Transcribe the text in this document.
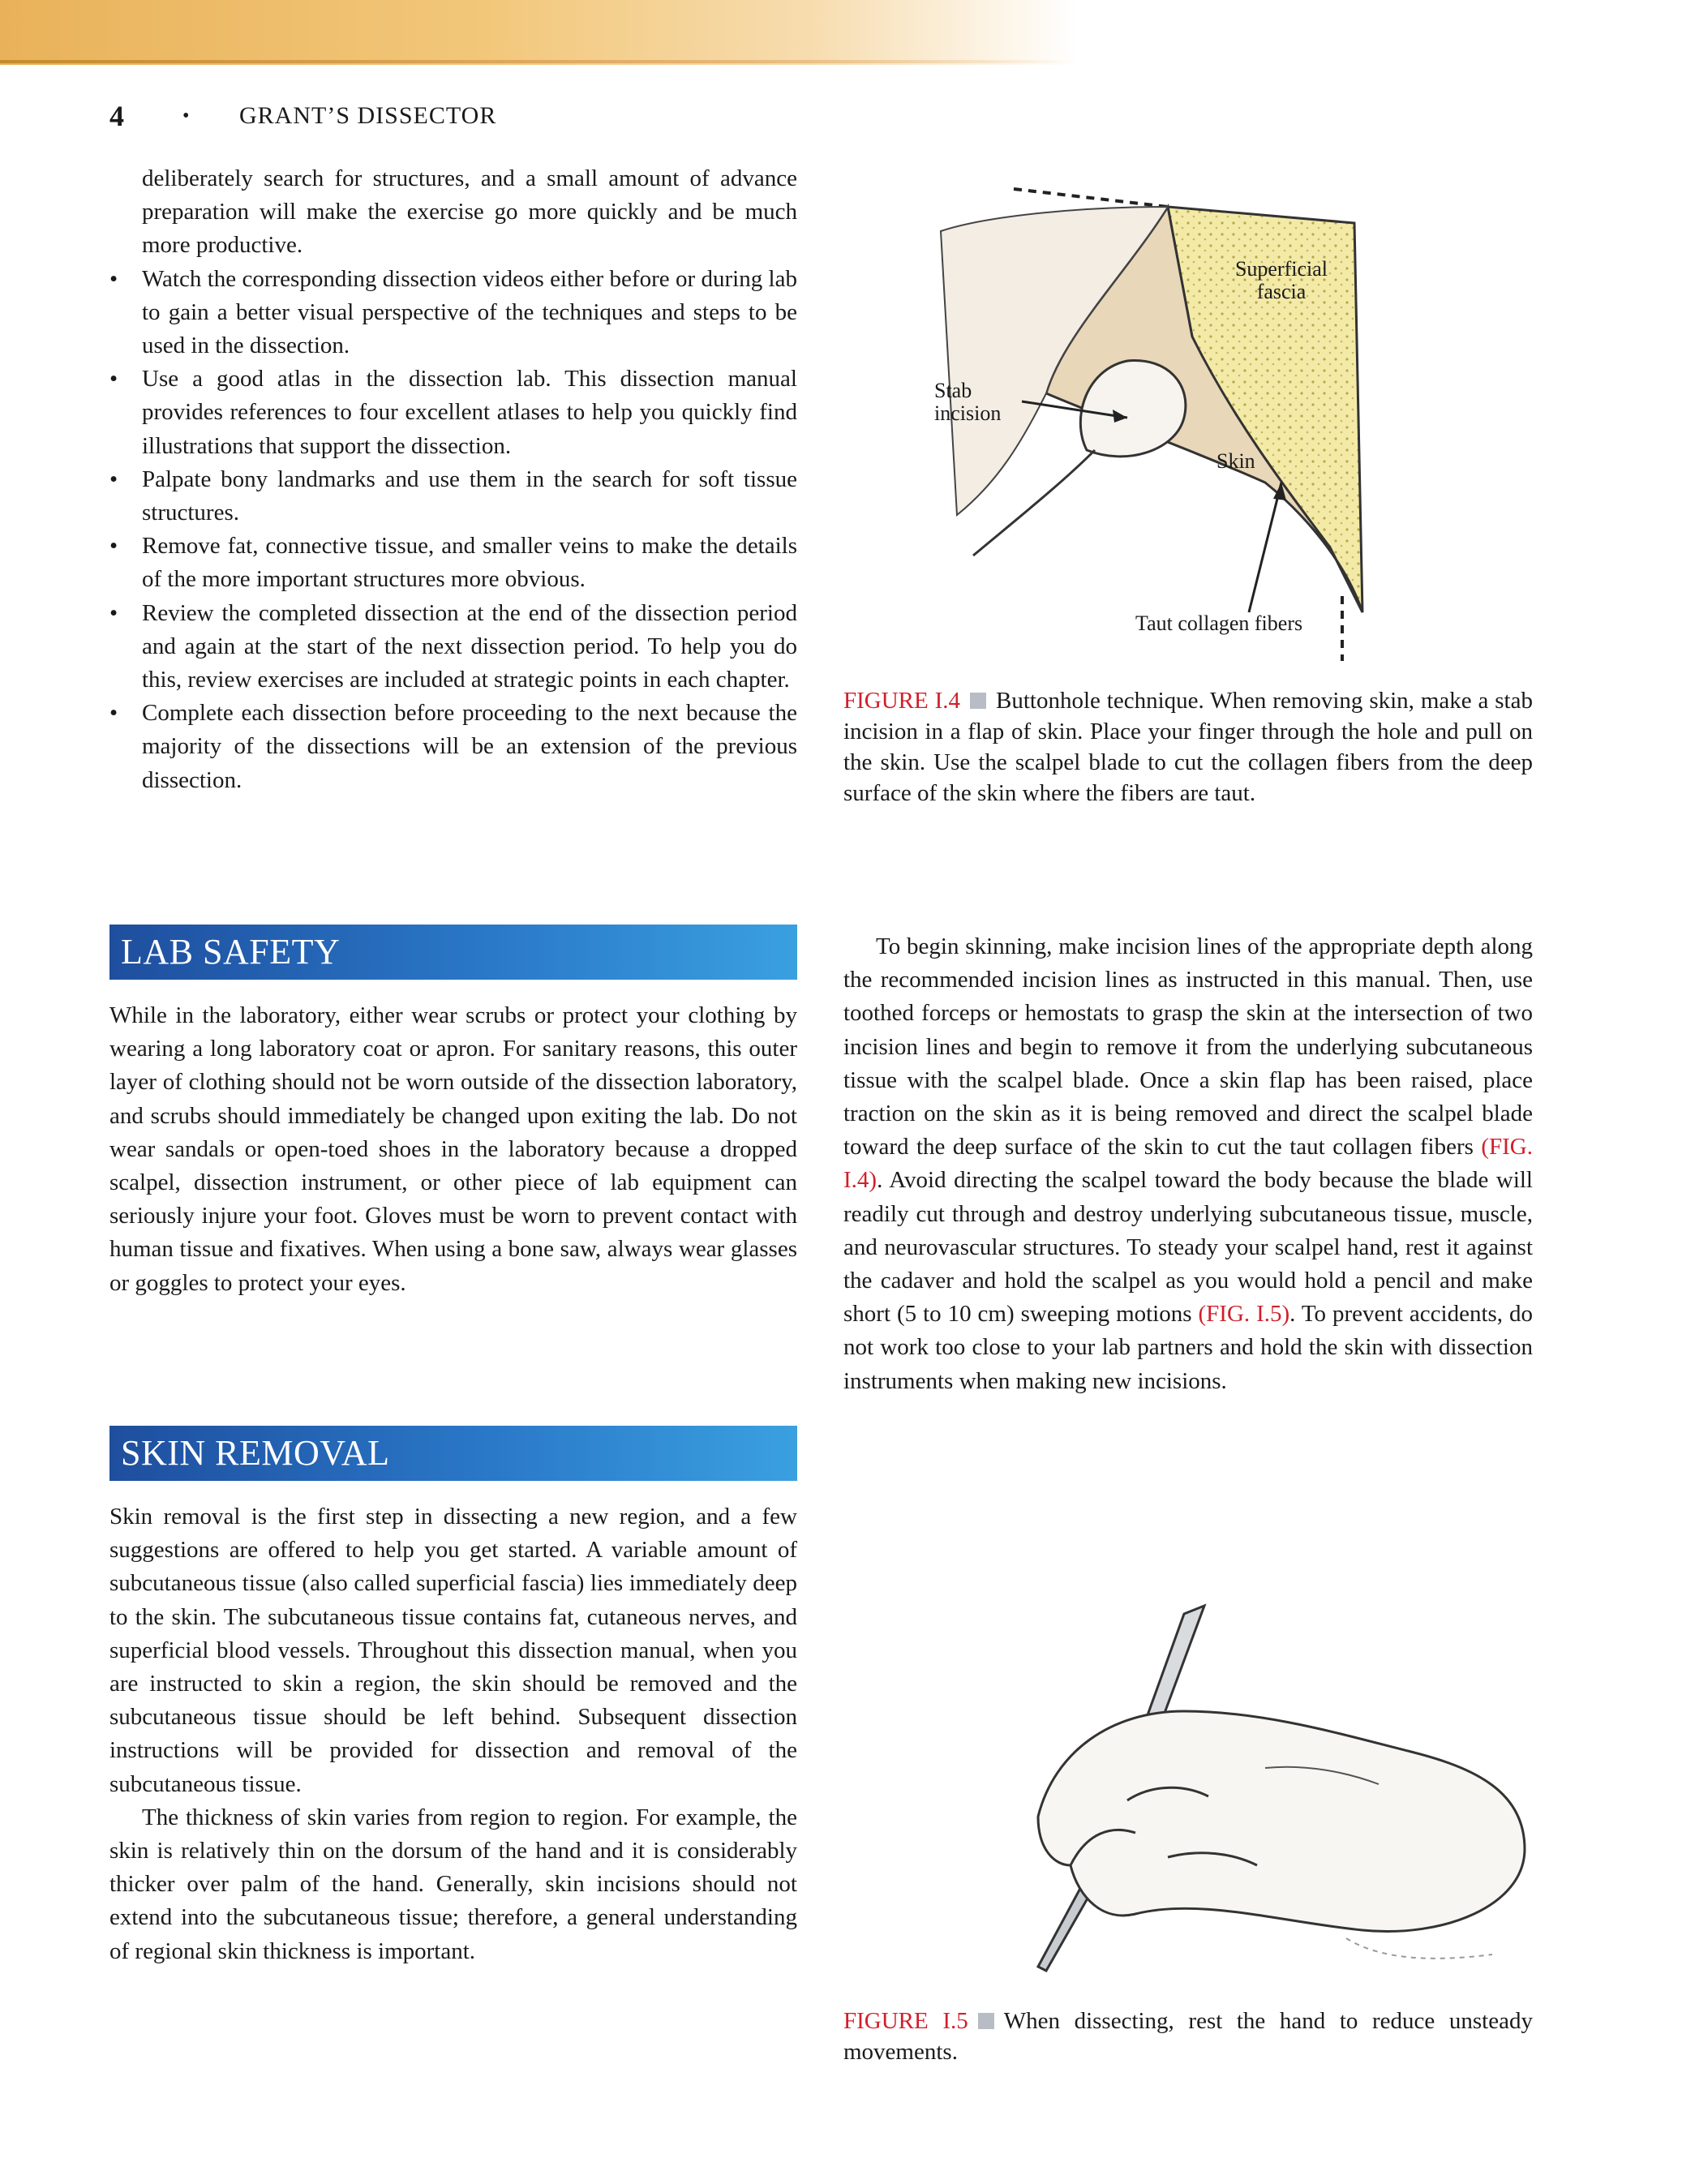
4	•	GRANT’S DISSECTOR

deliberately search for structures, and a small amount of advance preparation will make the exercise go more quickly and be much more productive.

• Watch the corresponding dissection videos either before or during lab to gain a better visual perspective of the techniques and steps to be used in the dissection.
• Use a good atlas in the dissection lab. This dissection manual provides references to four excellent atlases to help you quickly find illustrations that support the dissection.
• Palpate bony landmarks and use them in the search for soft tissue structures.
• Remove fat, connective tissue, and smaller veins to make the details of the more important structures more obvious.
• Review the completed dissection at the end of the dissection period and again at the start of the next dissection period. To help you do this, review exercises are included at strategic points in each chapter.
• Complete each dissection before proceeding to the next because the majority of the dissections will be an extension of the previous dissection.
LAB SAFETY

While in the laboratory, either wear scrubs or protect your clothing by wearing a long laboratory coat or apron. For sanitary reasons, this outer layer of clothing should not be worn outside of the dissection laboratory, and scrubs should immediately be changed upon exiting the lab. Do not wear sandals or open-toed shoes in the laboratory because a dropped scalpel, dissection instrument, or other piece of lab equipment can seriously injure your foot. Gloves must be worn to prevent contact with human tissue and fixatives. When using a bone saw, always wear glasses or goggles to protect your eyes.

SKIN REMOVAL

Skin removal is the first step in dissecting a new region, and a few suggestions are offered to help you get started. A variable amount of subcutaneous tissue (also called superficial fascia) lies immediately deep to the skin. The subcutaneous tissue contains fat, cutaneous nerves, and superficial blood vessels. Throughout this dissection manual, when you are instructed to skin a region, the skin should be removed and the subcutaneous tissue should be left behind. Subsequent dissection instructions will be provided for dissection and removal of the subcutaneous tissue.

The thickness of skin varies from region to region. For example, the skin is relatively thin on the dorsum of the hand and it is considerably thicker over palm of the hand. Generally, skin incisions should not extend into the subcutaneous tissue; therefore, a general understanding of regional skin thickness is important.

Superficial
fascia
Stab
incision
Skin
Taut collagen fibers
FIGURE I.4 Buttonhole technique. When removing skin, make a stab incision in a flap of skin. Place your finger through the hole and pull on the skin. Use the scalpel blade to cut the collagen fibers from the deep surface of the skin where the fibers are taut.

To begin skinning, make incision lines of the appropriate depth along the recommended incision lines as instructed in this manual. Then, use toothed forceps or hemostats to grasp the skin at the intersection of two incision lines and begin to remove it from the underlying subcutaneous tissue with the scalpel blade. Once a skin flap has been raised, place traction on the skin as it is being removed and direct the scalpel blade toward the deep surface of the skin to cut the taut collagen fibers (FIG. I.4). Avoid directing the scalpel toward the body because the blade will readily cut through and destroy underlying subcutaneous tissue, muscle, and neurovascular structures. To steady your scalpel hand, rest it against the cadaver and hold the scalpel as you would hold a pencil and make short (5 to 10 cm) sweeping motions (FIG. I.5). To prevent accidents, do not work too close to your lab partners and hold the skin with dissection instruments when making new incisions.

FIGURE I.5 When dissecting, rest the hand to reduce unsteady movements.
